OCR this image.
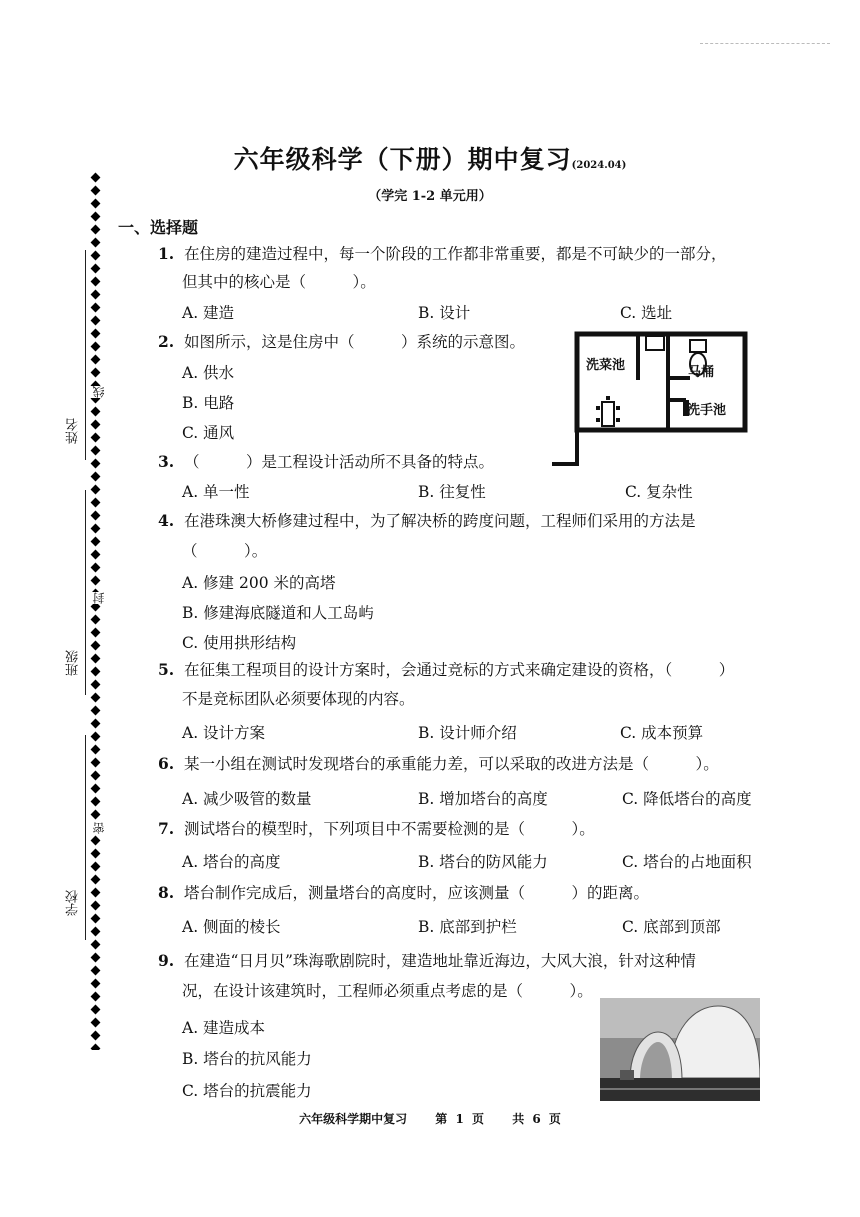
姓名
班级
学校
线
封
密
六年级科学（下册）期中复习(2024.04)
（学完 1-2 单元用）
一、选择题
1. 在住房的建造过程中，每一个阶段的工作都非常重要，都是不可缺少的一部分，
但其中的核心是（　　　）。
A. 建造	B. 设计	C. 选址
2. 如图所示，这是住房中（　　　）系统的示意图。
A. 供水
B. 电路
C. 通风
洗菜池	马桶
洗手池
3. （　　　）是工程设计活动所不具备的特点。
A. 单一性	B. 往复性	C. 复杂性
4. 在港珠澳大桥修建过程中，为了解决桥的跨度问题，工程师们采用的方法是
（　　　）。
A. 修建 200 米的高塔
B. 修建海底隧道和人工岛屿
C. 使用拱形结构
5. 在征集工程项目的设计方案时，会通过竞标的方式来确定建设的资格，（　　　）
不是竞标团队必须要体现的内容。
A. 设计方案	B. 设计师介绍	C. 成本预算
6. 某一小组在测试时发现塔台的承重能力差，可以采取的改进方法是（　　　）。
A. 减少吸管的数量	B. 增加塔台的高度	C. 降低塔台的高度
7. 测试塔台的模型时，下列项目中不需要检测的是（　　　）。
A. 塔台的高度	B. 塔台的防风能力	C. 塔台的占地面积
8. 塔台制作完成后，测量塔台的高度时，应该测量（　　　）的距离。
A. 侧面的棱长	B. 底部到护栏	C. 底部到顶部
9. 在建造“日月贝”珠海歌剧院时，建造地址靠近海边，大风大浪，针对这种情
况，在设计该建筑时，工程师必须重点考虑的是（　　　）。
A. 建造成本
B. 塔台的抗风能力
C. 塔台的抗震能力
六年级科学期中复习 第 1 页 共 6 页
